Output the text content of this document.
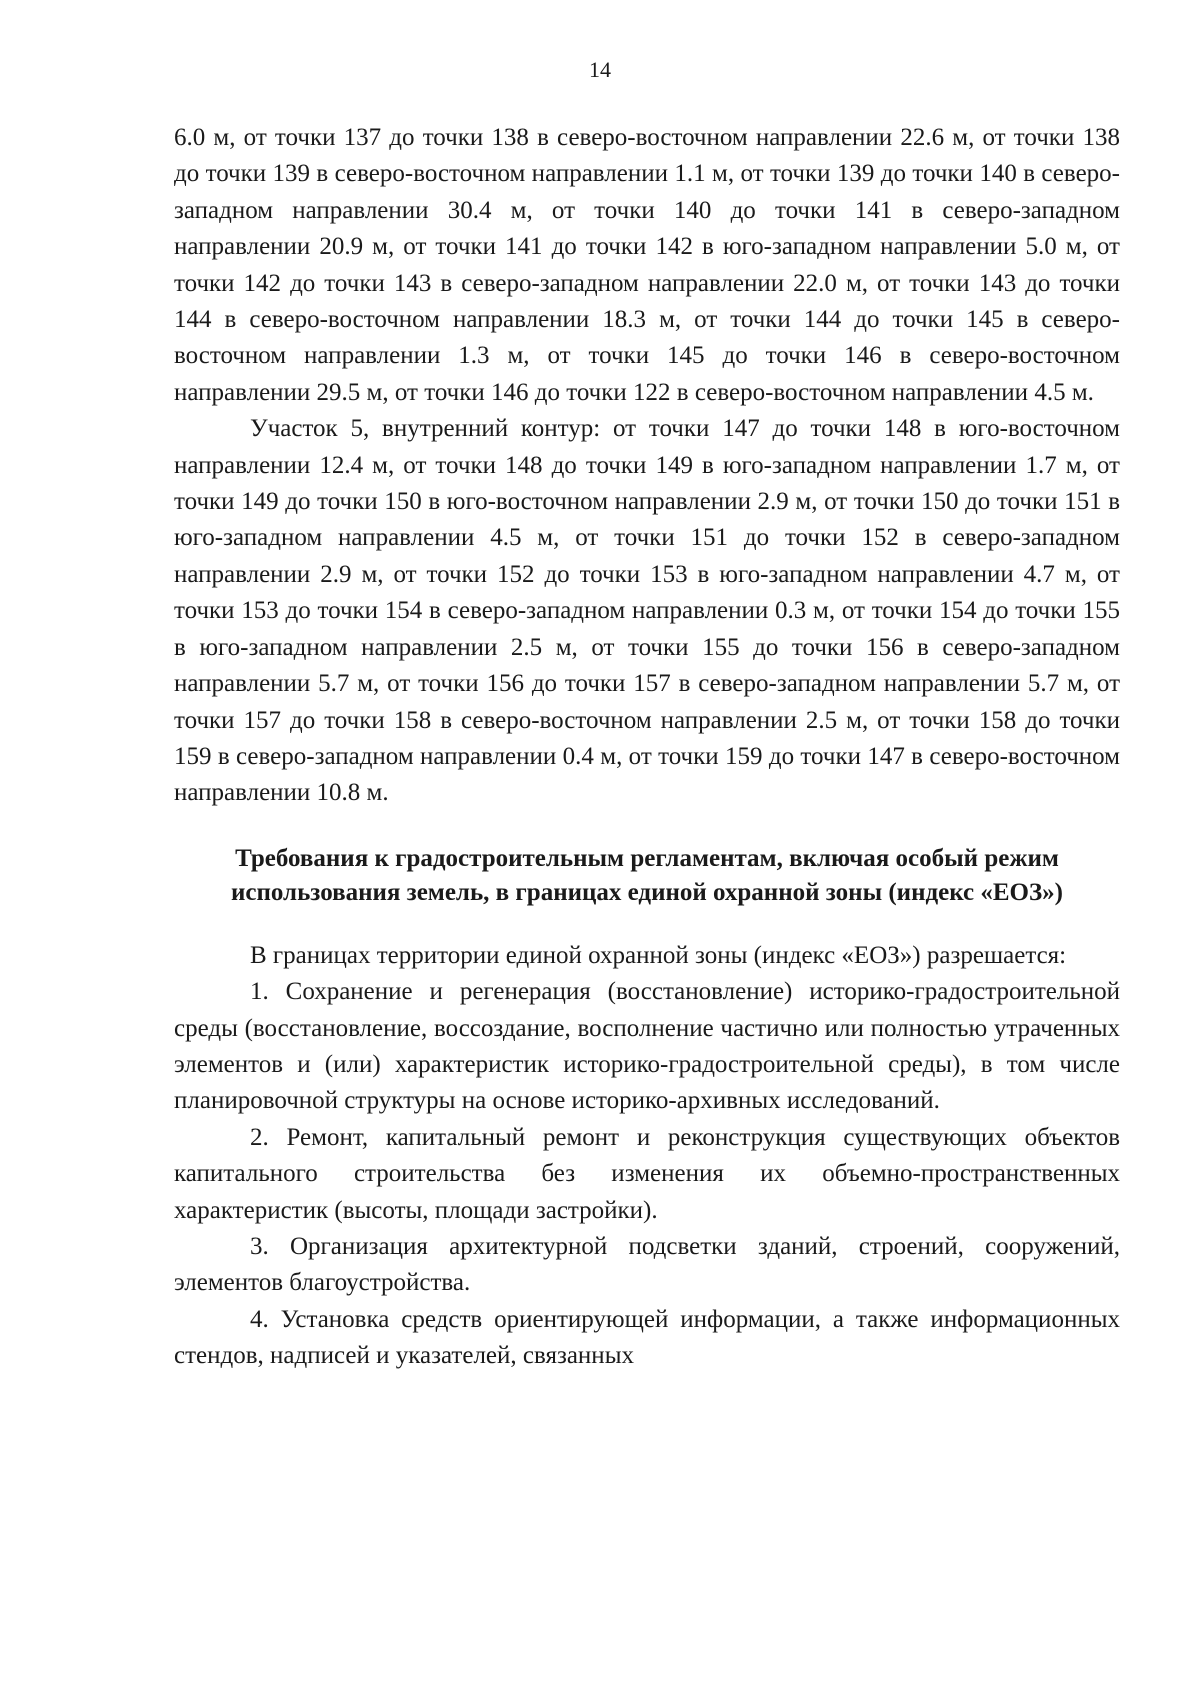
14

6.0 м, от точки 137 до точки 138 в северо-восточном направлении 22.6 м, от точки 138 до точки 139 в северо-восточном направлении 1.1 м, от точки 139 до точки 140 в северо-западном направлении 30.4 м, от точки 140 до точки 141 в северо-западном направлении 20.9 м, от точки 141 до точки 142 в юго-западном направлении 5.0 м, от точки 142 до точки 143 в северо-западном направлении 22.0 м, от точки 143 до точки 144 в северо-восточном направлении 18.3 м, от точки 144 до точки 145 в северо-восточном направлении 1.3 м, от точки 145 до точки 146 в северо-восточном направлении 29.5 м, от точки 146 до точки 122 в северо-восточном направлении 4.5 м.

Участок 5, внутренний контур: от точки 147 до точки 148 в юго-восточном направлении 12.4 м, от точки 148 до точки 149 в юго-западном направлении 1.7 м, от точки 149 до точки 150 в юго-восточном направлении 2.9 м, от точки 150 до точки 151 в юго-западном направлении 4.5 м, от точки 151 до точки 152 в северо-западном направлении 2.9 м, от точки 152 до точки 153 в юго-западном направлении 4.7 м, от точки 153 до точки 154 в северо-западном направлении 0.3 м, от точки 154 до точки 155 в юго-западном направлении 2.5 м, от точки 155 до точки 156 в северо-западном направлении 5.7 м, от точки 156 до точки 157 в северо-западном направлении 5.7 м, от точки 157 до точки 158 в северо-восточном направлении 2.5 м, от точки 158 до точки 159 в северо-западном направлении 0.4 м, от точки 159 до точки 147 в северо-восточном направлении 10.8 м.

Требования к градостроительным регламентам, включая особый режим использования земель, в границах единой охранной зоны (индекс «ЕОЗ»)

В границах территории единой охранной зоны (индекс «ЕОЗ») разрешается:

1. Сохранение и регенерация (восстановление) историко-градостроительной среды (восстановление, воссоздание, восполнение частично или полностью утраченных элементов и (или) характеристик историко-градостроительной среды), в том числе планировочной структуры на основе историко-архивных исследований.

2. Ремонт, капитальный ремонт и реконструкция существующих объектов капитального строительства без изменения их объемно-пространственных характеристик (высоты, площади застройки).

3. Организация архитектурной подсветки зданий, строений, сооружений, элементов благоустройства.

4. Установка средств ориентирующей информации, а также информационных стендов, надписей и указателей, связанных
